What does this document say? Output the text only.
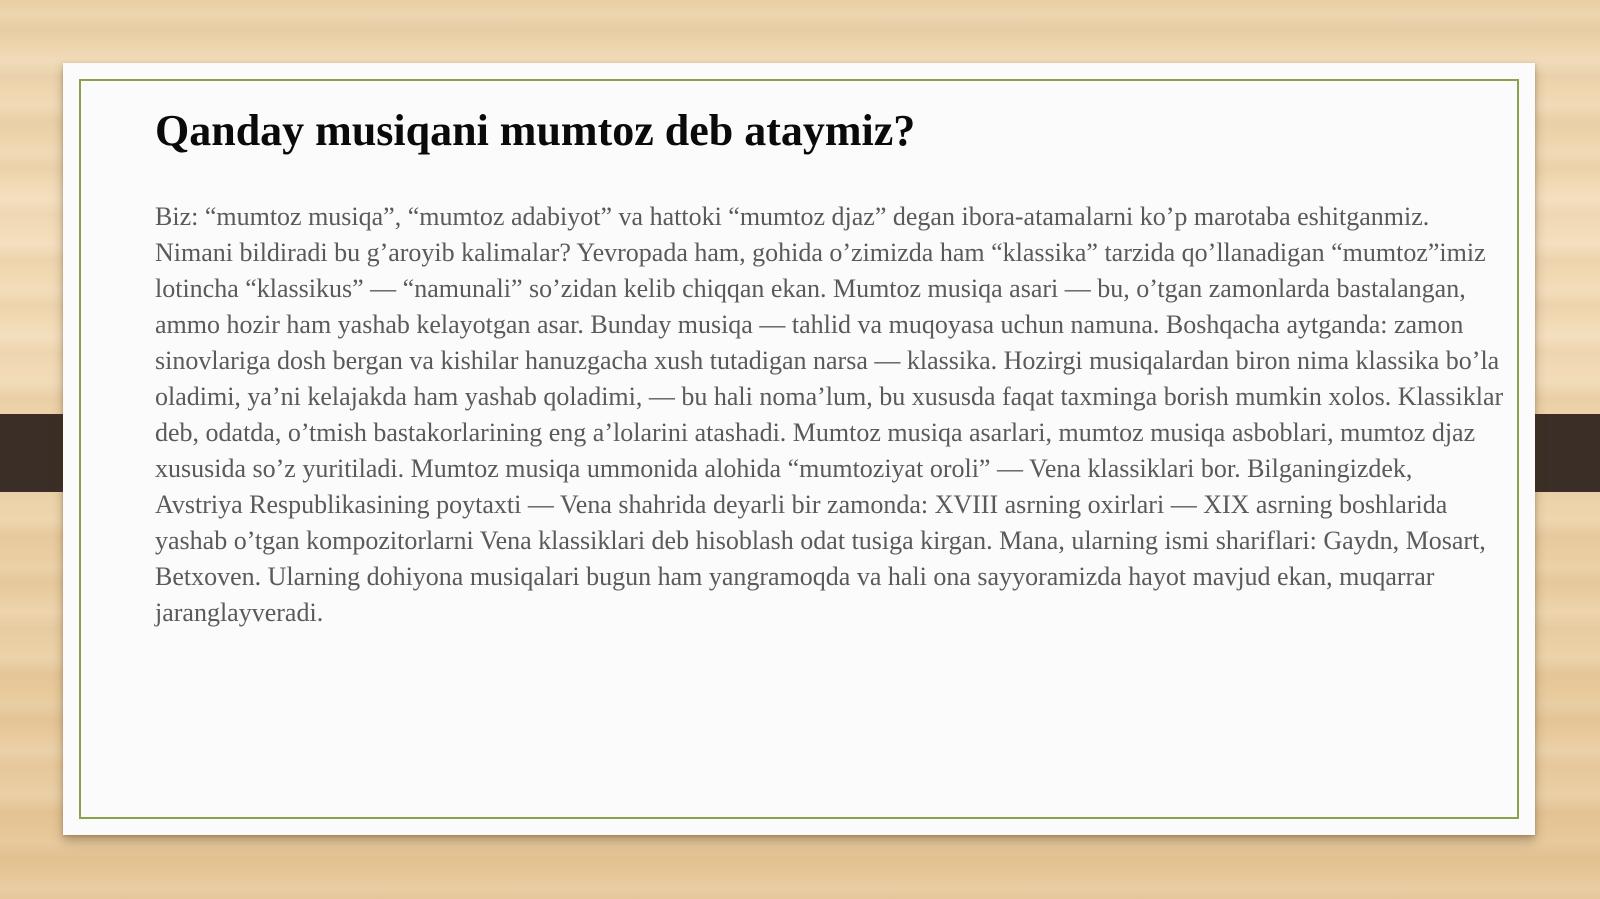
Qanday musiqani mumtoz deb ataymiz?

Biz: “mumtoz musiqa”, “mumtoz adabiyot” va hattoki “mumtoz djaz” degan ibora-atamalarni ko’p marotaba eshitganmiz. Nimani bildiradi bu g’aroyib kalimalar? Yevropada ham, gohida o’zimizda ham “klassika” tarzida qo’llanadigan “mumtoz”imiz lotincha “klassikus” — “namunali” so’zidan kelib chiqqan ekan. Mumtoz musiqa asari — bu, o’tgan zamonlarda bastalangan, ammo hozir ham yashab kelayotgan asar. Bunday musiqa — tahlid va muqoyasa uchun namuna. Boshqacha aytganda: zamon sinovlariga dosh bergan va kishilar hanuzgacha xush tutadigan narsa — klassika. Hozirgi musiqalardan biron nima klassika bo’la oladimi, ya’ni kelajakda ham yashab qoladimi, — bu hali noma’lum, bu xususda faqat taxminga borish mumkin xolos. Klassiklar deb, odatda, o’tmish bastakorlarining eng a’lolarini atashadi. Mumtoz musiqa asarlari, mumtoz musiqa asboblari, mumtoz djaz xususida so’z yuritiladi. Mumtoz musiqa ummonida alohida “mumtoziyat oroli” — Vena klassiklari bor. Bilganingizdek, Avstriya Respublikasining poytaxti — Vena shahrida deyarli bir zamonda: XVIII asrning oxirlari — XIX asrning boshlarida yashab o’tgan kompozitorlarni Vena klassiklari deb hisoblash odat tusiga kirgan. Mana, ularning ismi shariflari: Gaydn, Mosart, Betxoven. Ularning dohiyona musiqalari bugun ham yangramoqda va hali ona sayyoramizda hayot mavjud ekan, muqarrar jaranglayveradi.
